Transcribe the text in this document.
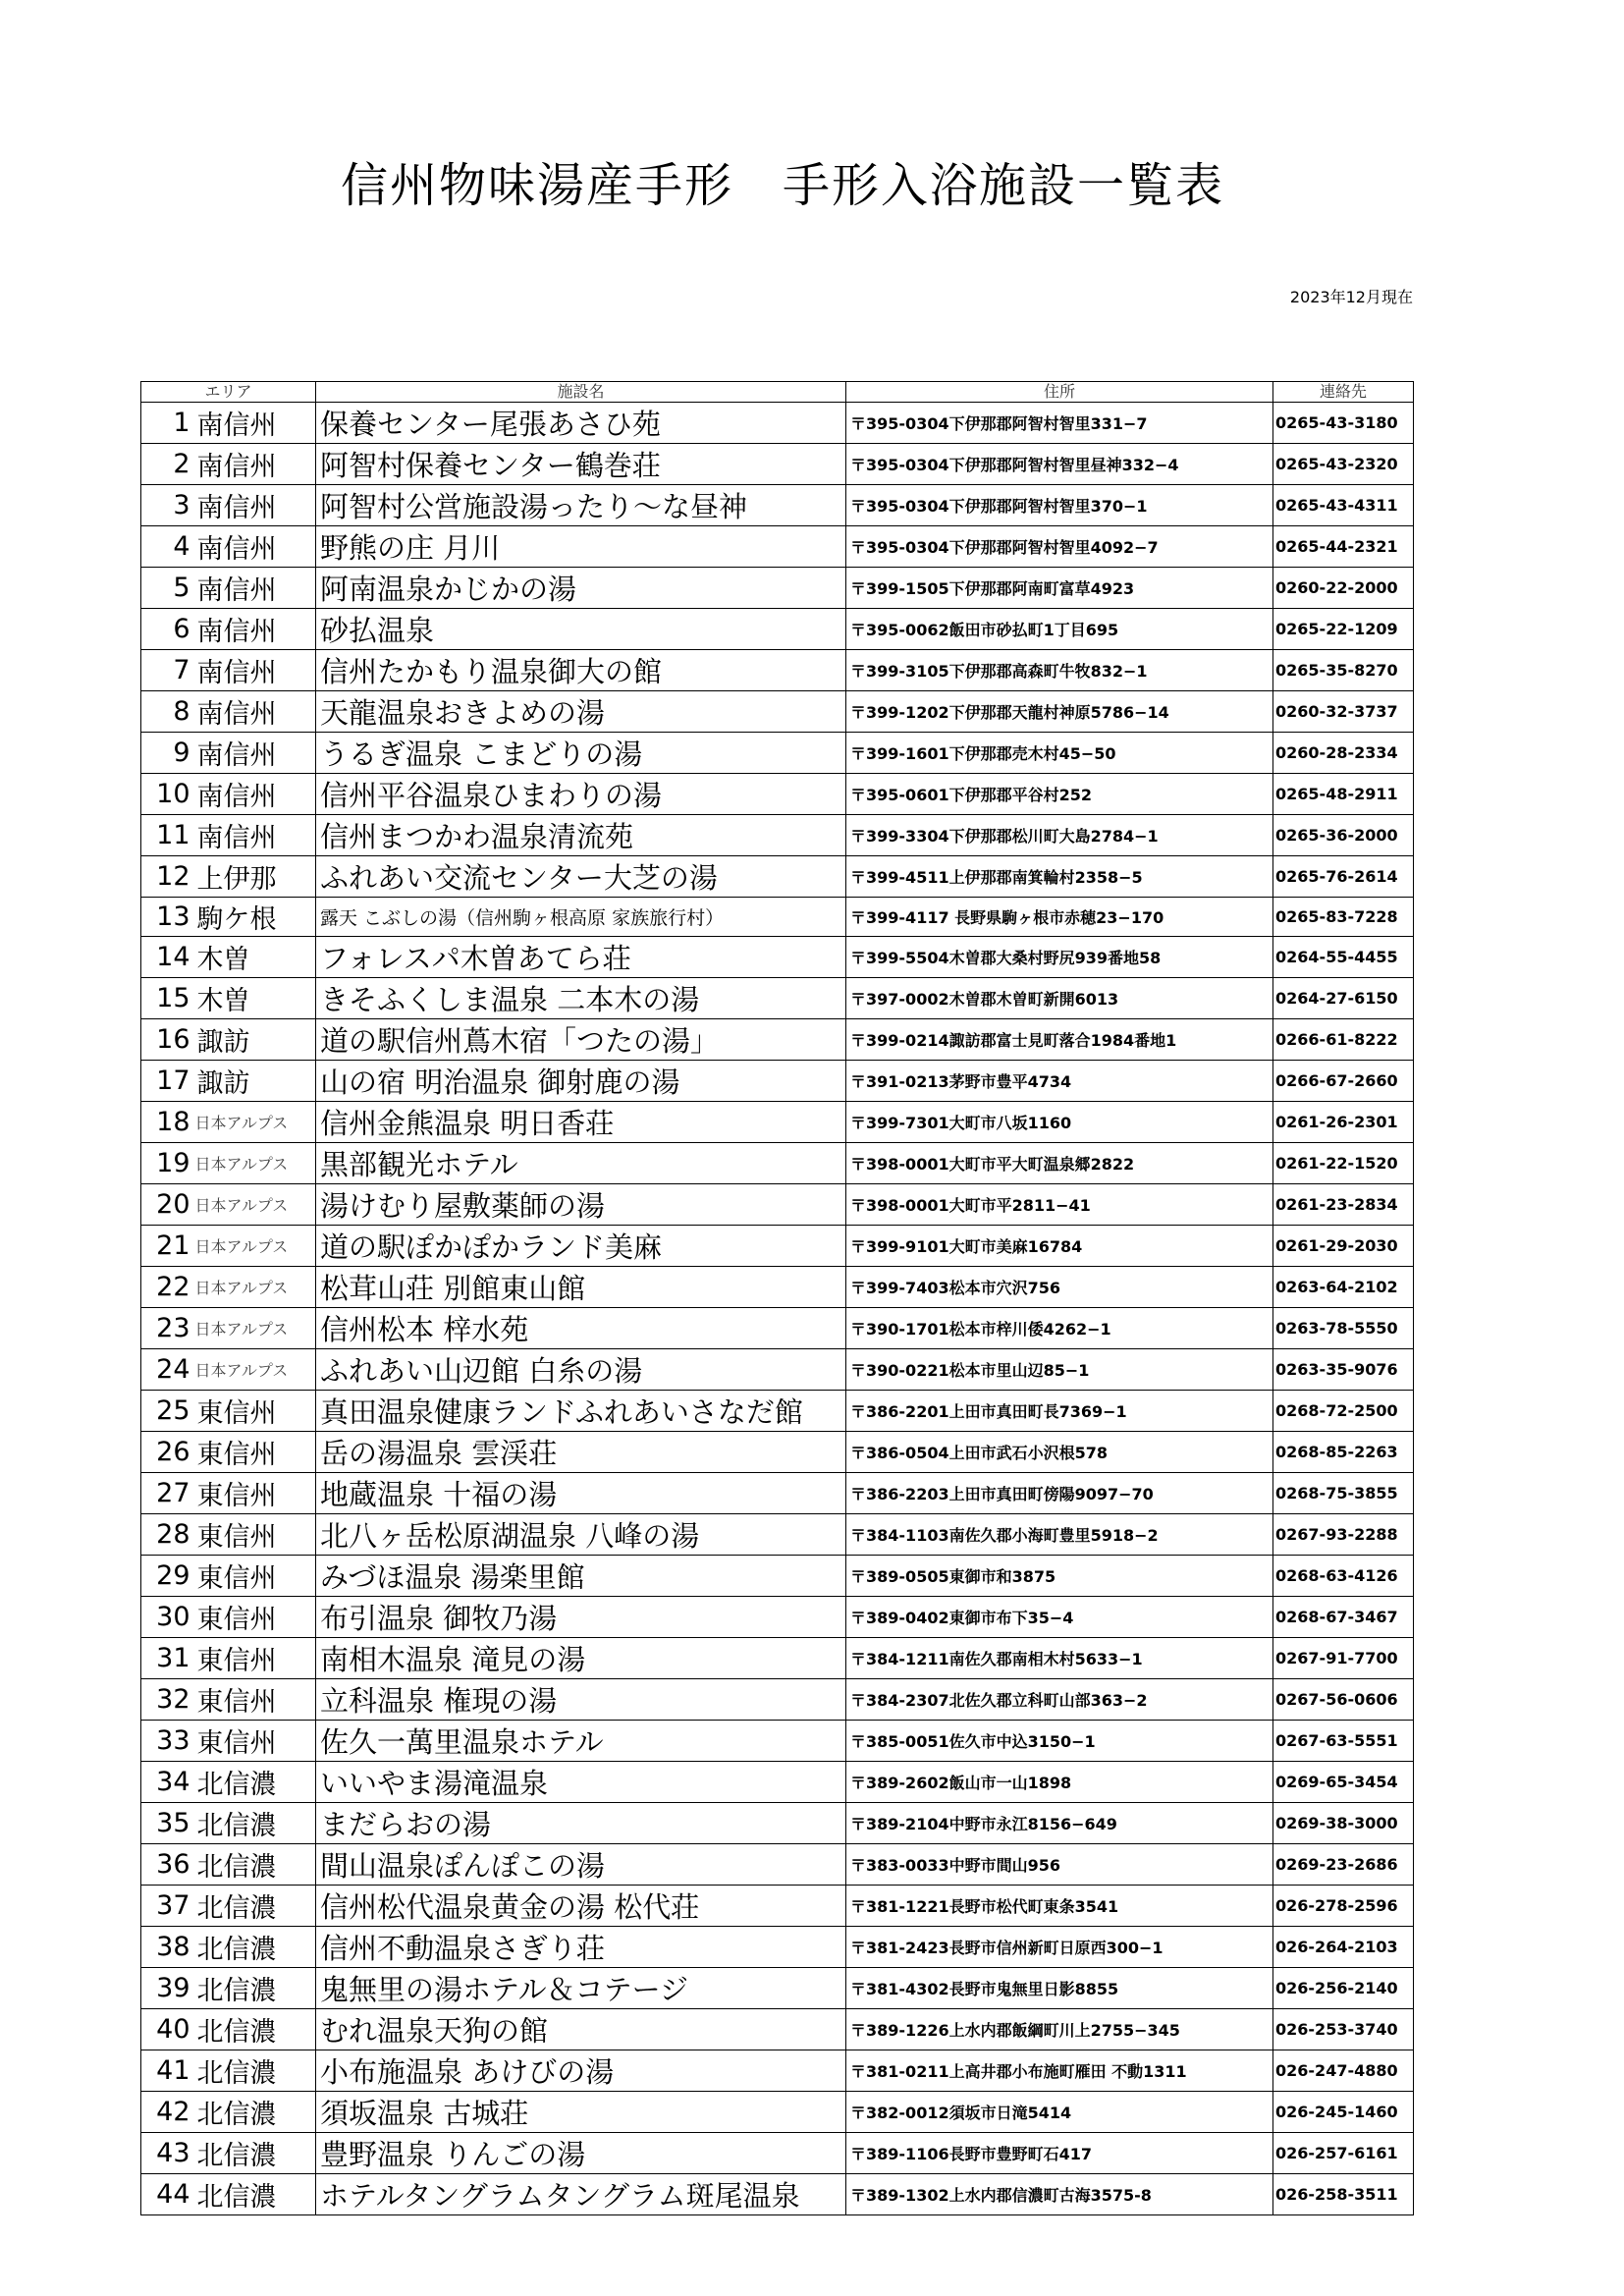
信州物味湯産手形　手形入浴施設一覧表
2023年12月現在
エリア		施設名	住所	連絡先
1	南信州	保養センター尾張あさひ苑	〒395-0304下伊那郡阿智村智里331−7	0265-43-3180
2	南信州	阿智村保養センター鶴巻荘	〒395-0304下伊那郡阿智村智里昼神332−4	0265-43-2320
3	南信州	阿智村公営施設湯ったり〜な昼神	〒395-0304下伊那郡阿智村智里370−1	0265-43-4311
4	南信州	野熊の庄 月川	〒395-0304下伊那郡阿智村智里4092−7	0265-44-2321
5	南信州	阿南温泉かじかの湯	〒399-1505下伊那郡阿南町富草4923	0260-22-2000
6	南信州	砂払温泉	〒395-0062飯田市砂払町1丁目695	0265-22-1209
7	南信州	信州たかもり温泉御大の館	〒399-3105下伊那郡高森町牛牧832−1	0265-35-8270
8	南信州	天龍温泉おきよめの湯	〒399-1202下伊那郡天龍村神原5786−14	0260-32-3737
9	南信州	うるぎ温泉 こまどりの湯	〒399-1601下伊那郡売木村45−50	0260-28-2334
10	南信州	信州平谷温泉ひまわりの湯	〒395-0601下伊那郡平谷村252	0265-48-2911
11	南信州	信州まつかわ温泉清流苑	〒399-3304下伊那郡松川町大島2784−1	0265-36-2000
12	上伊那	ふれあい交流センター大芝の湯	〒399-4511上伊那郡南箕輪村2358−5	0265-76-2614
13	駒ケ根	露天 こぶしの湯（信州駒ヶ根高原 家族旅行村）	〒399-4117 長野県駒ヶ根市赤穂23−170	0265-83-7228
14	木曽	フォレスパ木曽あてら荘	〒399-5504木曽郡大桑村野尻939番地58	0264-55-4455
15	木曽	きそふくしま温泉 二本木の湯	〒397-0002木曽郡木曽町新開6013	0264-27-6150
16	諏訪	道の駅信州蔦木宿「つたの湯」	〒399-0214諏訪郡富士見町落合1984番地1	0266-61-8222
17	諏訪	山の宿 明治温泉 御射鹿の湯	〒391-0213茅野市豊平4734	0266-67-2660
18	日本アルプス	信州金熊温泉 明日香荘	〒399-7301大町市八坂1160	0261-26-2301
19	日本アルプス	黒部観光ホテル	〒398-0001大町市平大町温泉郷2822	0261-22-1520
20	日本アルプス	湯けむり屋敷薬師の湯	〒398-0001大町市平2811−41	0261-23-2834
21	日本アルプス	道の駅ぽかぽかランド美麻	〒399-9101大町市美麻16784	0261-29-2030
22	日本アルプス	松茸山荘 別館東山館	〒399-7403松本市穴沢756	0263-64-2102
23	日本アルプス	信州松本 梓水苑	〒390-1701松本市梓川倭4262−1	0263-78-5550
24	日本アルプス	ふれあい山辺館 白糸の湯	〒390-0221松本市里山辺85−1	0263-35-9076
25	東信州	真田温泉健康ランドふれあいさなだ館	〒386-2201上田市真田町長7369−1	0268-72-2500
26	東信州	岳の湯温泉 雲渓荘	〒386-0504上田市武石小沢根578	0268-85-2263
27	東信州	地蔵温泉 十福の湯	〒386-2203上田市真田町傍陽9097−70	0268-75-3855
28	東信州	北八ヶ岳松原湖温泉 八峰の湯	〒384-1103南佐久郡小海町豊里5918−2	0267-93-2288
29	東信州	みづほ温泉 湯楽里館	〒389-0505東御市和3875	0268-63-4126
30	東信州	布引温泉 御牧乃湯	〒389-0402東御市布下35−4	0268-67-3467
31	東信州	南相木温泉 滝見の湯	〒384-1211南佐久郡南相木村5633−1	0267-91-7700
32	東信州	立科温泉 権現の湯	〒384-2307北佐久郡立科町山部363−2	0267-56-0606
33	東信州	佐久一萬里温泉ホテル	〒385-0051佐久市中込3150−1	0267-63-5551
34	北信濃	いいやま湯滝温泉	〒389-2602飯山市一山1898	0269-65-3454
35	北信濃	まだらおの湯	〒389-2104中野市永江8156−649	0269-38-3000
36	北信濃	間山温泉ぽんぽこの湯	〒383-0033中野市間山956	0269-23-2686
37	北信濃	信州松代温泉黄金の湯 松代荘	〒381-1221長野市松代町東条3541	026-278-2596
38	北信濃	信州不動温泉さぎり荘	〒381-2423長野市信州新町日原西300−1	026-264-2103
39	北信濃	鬼無里の湯ホテル＆コテージ	〒381-4302長野市鬼無里日影8855	026-256-2140
40	北信濃	むれ温泉天狗の館	〒389-1226上水内郡飯綱町川上2755−345	026-253-3740
41	北信濃	小布施温泉 あけびの湯	〒381-0211上高井郡小布施町雁田 不動1311	026-247-4880
42	北信濃	須坂温泉 古城荘	〒382-0012須坂市日滝5414	026-245-1460
43	北信濃	豊野温泉 りんごの湯	〒389-1106長野市豊野町石417	026-257-6161
44	北信濃	ホテルタングラムタングラム斑尾温泉	〒389-1302上水内郡信濃町古海3575-8	026-258-3511
